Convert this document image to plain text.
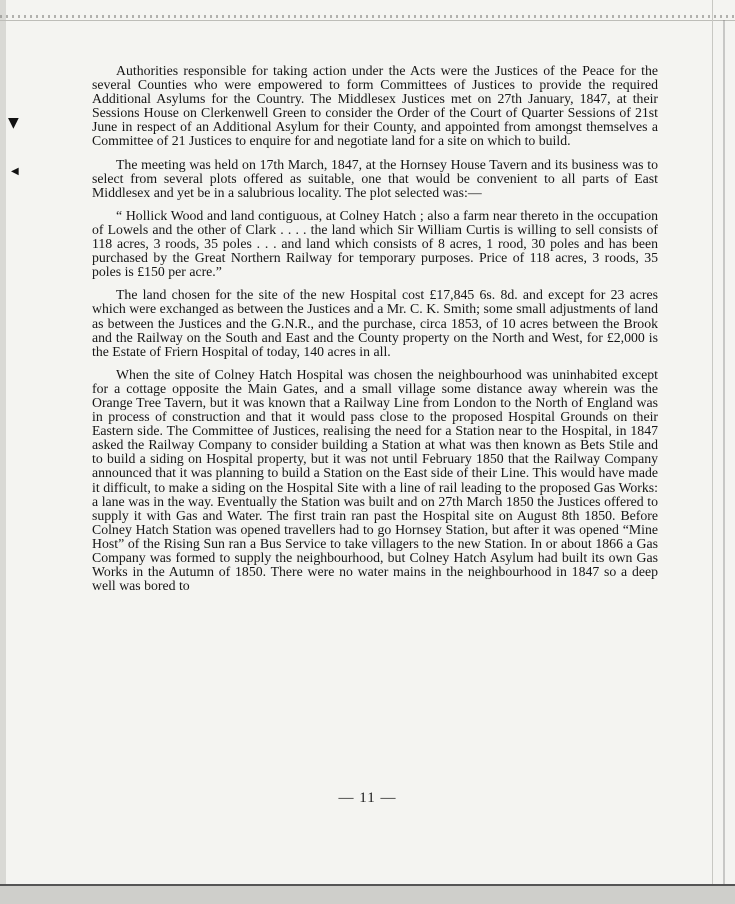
▼
◀

Authorities responsible for taking action under the Acts were the Justices of the Peace for the several Counties who were empowered to form Committees of Justices to provide the required Additional Asylums for the Country. The Middlesex Justices met on 27th January, 1847, at their Sessions House on Clerkenwell Green to consider the Order of the Court of Quarter Sessions of 21st June in respect of an Additional Asylum for their County, and appointed from amongst themselves a Committee of 21 Justices to enquire for and negotiate land for a site on which to build.

The meeting was held on 17th March, 1847, at the Hornsey House Tavern and its business was to select from several plots offered as suitable, one that would be convenient to all parts of East Middlesex and yet be in a salubrious locality. The plot selected was:—

“ Hollick Wood and land contiguous, at Colney Hatch ; also a farm near thereto in the occupation of Lowels and the other of Clark . . . . the land which Sir William Curtis is willing to sell consists of 118 acres, 3 roods, 35 poles . . . and land which consists of 8 acres, 1 rood, 30 poles and has been purchased by the Great Northern Railway for temporary purposes. Price of 118 acres, 3 roods, 35 poles is £150 per acre.”

The land chosen for the site of the new Hospital cost £17,845 6s. 8d. and except for 23 acres which were exchanged as between the Justices and a Mr. C. K. Smith; some small adjustments of land as between the Justices and the G.N.R., and the purchase, circa 1853, of 10 acres between the Brook and the Railway on the South and East and the County property on the North and West, for £2,000 is the Estate of Friern Hospital of today, 140 acres in all.

When the site of Colney Hatch Hospital was chosen the neighbourhood was uninhabited except for a cottage opposite the Main Gates, and a small village some distance away wherein was the Orange Tree Tavern, but it was known that a Railway Line from London to the North of England was in process of construction and that it would pass close to the proposed Hospital Grounds on their Eastern side. The Committee of Justices, realising the need for a Station near to the Hospital, in 1847 asked the Railway Company to consider building a Station at what was then known as Bets Stile and to build a siding on Hospital property, but it was not until February 1850 that the Railway Company announced that it was planning to build a Station on the East side of their Line. This would have made it difficult, to make a siding on the Hospital Site with a line of rail leading to the proposed Gas Works: a lane was in the way. Eventually the Station was built and on 27th March 1850 the Justices offered to supply it with Gas and Water. The first train ran past the Hospital site on August 8th 1850. Before Colney Hatch Station was opened travellers had to go Hornsey Station, but after it was opened “Mine Host” of the Rising Sun ran a Bus Service to take villagers to the new Station. In or about 1866 a Gas Company was formed to supply the neighbourhood, but Colney Hatch Asylum had built its own Gas Works in the Autumn of 1850. There were no water mains in the neighbourhood in 1847 so a deep well was bored to

— 11 —
